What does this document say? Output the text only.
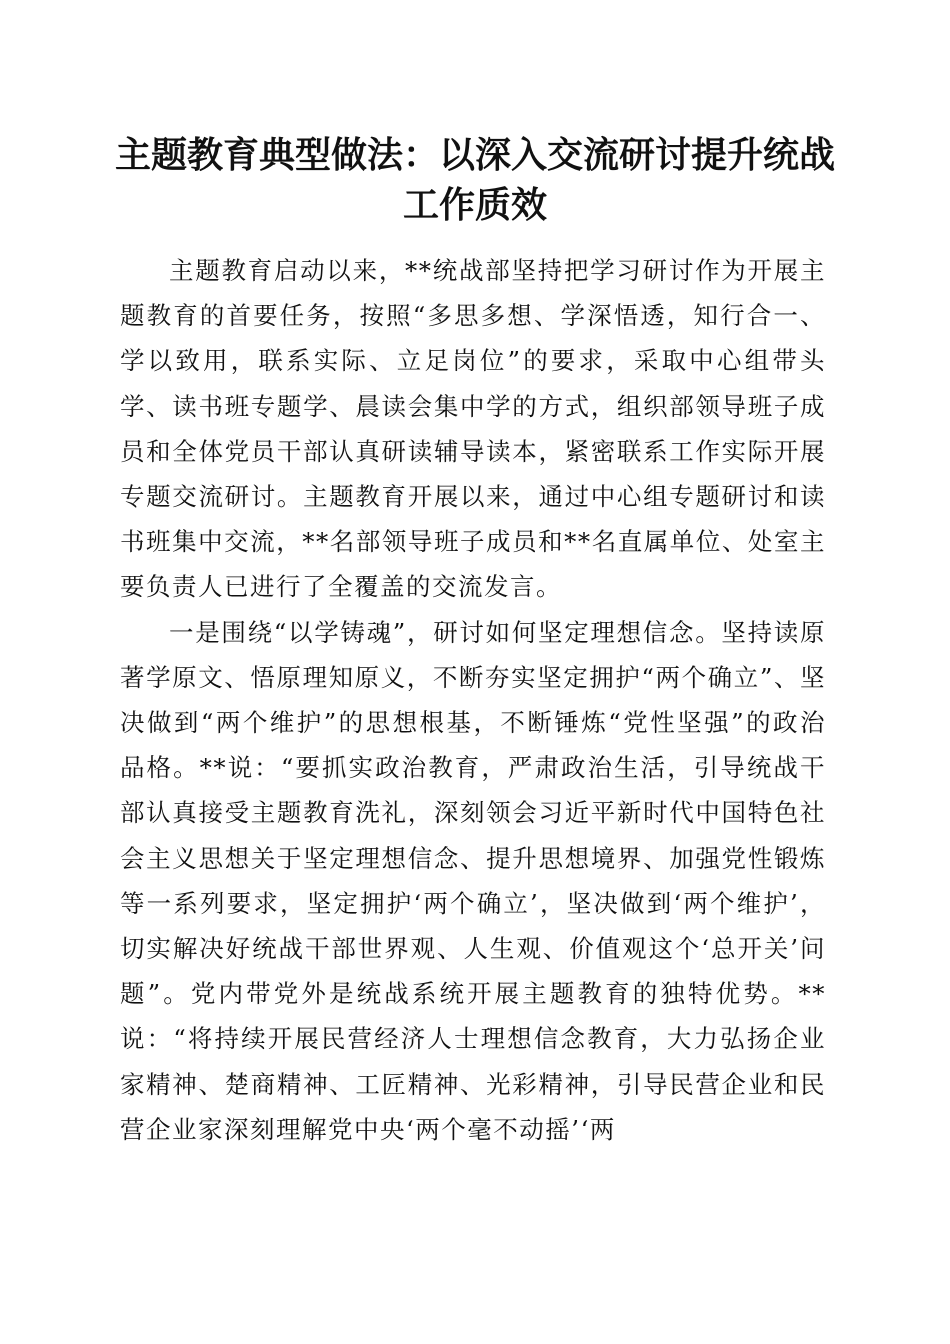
主题教育典型做法：以深入交流研讨提升统战
工作质效

主题教育启动以来，**统战部坚持把学习研讨作为开展主题教育的首要任务，按照“多思多想、学深悟透，知行合一、学以致用，联系实际、立足岗位”的要求，采取中心组带头学、读书班专题学、晨读会集中学的方式，组织部领导班子成员和全体党员干部认真研读辅导读本，紧密联系工作实际开展专题交流研讨。主题教育开展以来，通过中心组专题研讨和读书班集中交流，**名部领导班子成员和**名直属单位、处室主要负责人已进行了全覆盖的交流发言。

一是围绕“以学铸魂”，研讨如何坚定理想信念。坚持读原著学原文、悟原理知原义，不断夯实坚定拥护“两个确立”、坚决做到“两个维护”的思想根基，不断锤炼“党性坚强”的政治品格。**说：“要抓实政治教育，严肃政治生活，引导统战干部认真接受主题教育洗礼，深刻领会习近平新时代中国特色社会主义思想关于坚定理想信念、提升思想境界、加强党性锻炼等一系列要求，坚定拥护‘两个确立’，坚决做到‘两个维护’，切实解决好统战干部世界观、人生观、价值观这个‘总开关’问题”。党内带党外是统战系统开展主题教育的独特优势。**说：“将持续开展民营经济人士理想信念教育，大力弘扬企业家精神、楚商精神、工匠精神、光彩精神，引导民营企业和民营企业家深刻理解党中央‘两个毫不动摇’‘两
